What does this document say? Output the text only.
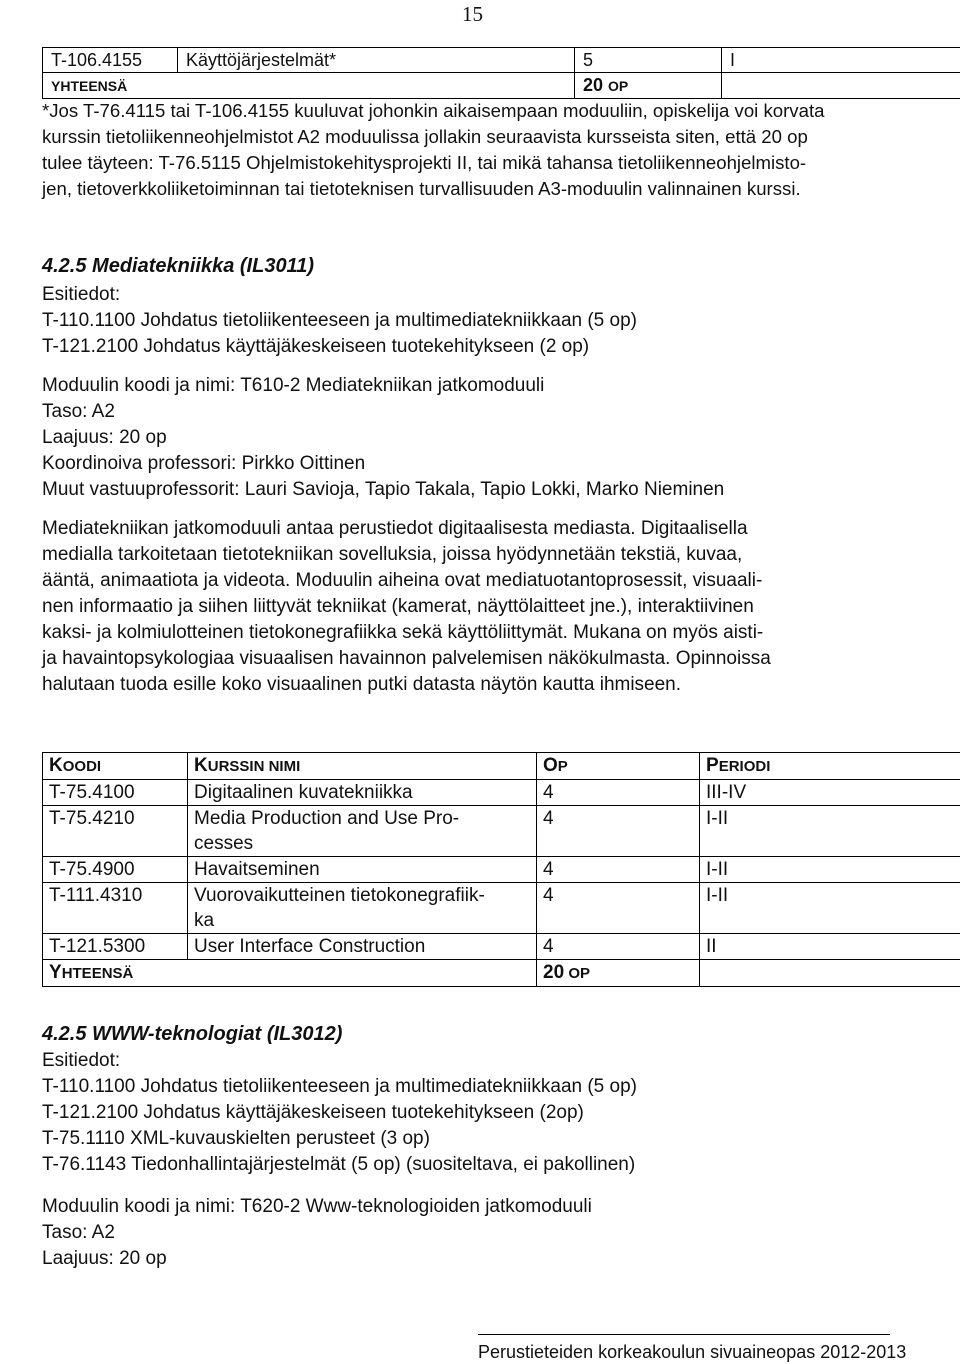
15
T-106.4155	Käyttöjärjestelmät*	5	I
YHTEENSÄ		20 OP	
*Jos T-76.4115 tai T-106.4155 kuuluvat johonkin aikaisempaan moduuliin, opiskelija voi korvata
kurssin tietoliikenneohjelmistot A2 moduulissa jollakin seuraavista kursseista siten, että 20 op
tulee täyteen: T-76.5115 Ohjelmistokehitysprojekti II, tai mikä tahansa tietoliikenneohjelmisto-
jen, tietoverkkoliiketoiminnan tai tietoteknisen turvallisuuden A3-moduulin valinnainen kurssi.
4.2.5 Mediatekniikka (IL3011)
Esitiedot:
T-110.1100 Johdatus tietoliikenteeseen ja multimediatekniikkaan (5 op)
T-121.2100 Johdatus käyttäjäkeskeiseen tuotekehitykseen (2 op)
Moduulin koodi ja nimi: T610-2 Mediatekniikan jatkomoduuli
Taso: A2
Laajuus: 20 op
Koordinoiva professori: Pirkko Oittinen
Muut vastuuprofessorit: Lauri Savioja, Tapio Takala, Tapio Lokki, Marko Nieminen
Mediatekniikan jatkomoduuli antaa perustiedot digitaalisesta mediasta. Digitaalisella
medialla tarkoitetaan tietotekniikan sovelluksia, joissa hyödynnetään tekstiä, kuvaa,
ääntä, animaatiota ja videota. Moduulin aiheina ovat mediatuotantoprosessit, visuaali-
nen informaatio ja siihen liittyvät tekniikat (kamerat, näyttölaitteet jne.), interaktiivinen
kaksi- ja kolmiulotteinen tietokonegrafiikka sekä käyttöliittymät. Mukana on myös aisti-
ja havaintopsykologiaa visuaalisen havainnon palvelemisen näkökulmasta. Opinnoissa
halutaan tuoda esille koko visuaalinen putki datasta näytön kautta ihmiseen.
KOODI	KURSSIN NIMI	OP	PERIODI
T-75.4100	Digitaalinen kuvatekniikka	4	III-IV
T-75.4210	Media Production and Use Pro-
cesses	4	I-II
T-75.4900	Havaitseminen	4	I-II
T-111.4310	Vuorovaikutteinen tietokonegrafiik-
ka	4	I-II
T-121.5300	User Interface Construction	4	II
YHTEENSÄ		20 OP	
4.2.5 WWW-teknologiat (IL3012)
Esitiedot:
T-110.1100 Johdatus tietoliikenteeseen ja multimediatekniikkaan (5 op)
T-121.2100 Johdatus käyttäjäkeskeiseen tuotekehitykseen (2op)
T-75.1110 XML-kuvauskielten perusteet (3 op)
T-76.1143 Tiedonhallintajärjestelmät (5 op) (suositeltava, ei pakollinen)
Moduulin koodi ja nimi: T620-2 Www-teknologioiden jatkomoduuli
Taso: A2
Laajuus: 20 op
Perustieteiden korkeakoulun sivuaineopas 2012-2013
